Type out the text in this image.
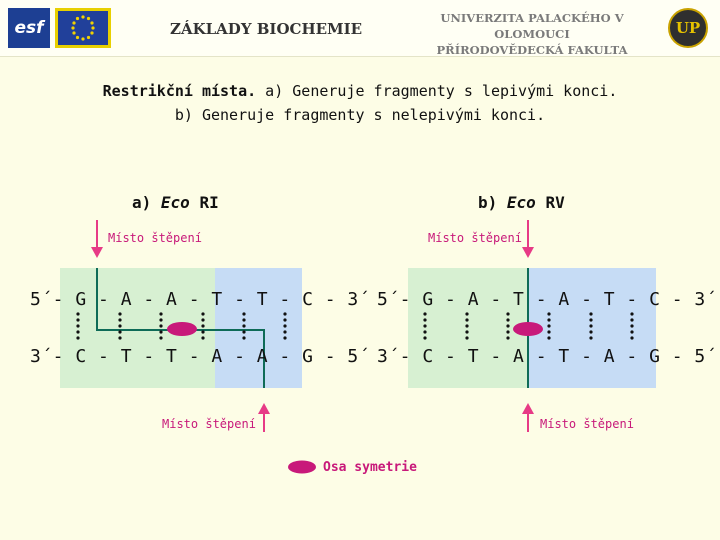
esf	ZÁKLADY BIOCHEMIE
UNIVERZITA PALACKÉHO V OLOMOUCI
PŘÍRODOVĚDECKÁ FAKULTA
UP
Restrikční místa. a) Generuje fragmenty s lepivými konci.
b) Generuje fragmenty s nelepivými konci.
a) Eco RI	b) Eco RV
Místo štěpení	Místo štěpení
Místo štěpení	Místo štěpení
5´- G - A - A - T - T - C - 3´
3´- C - T - T - A - A - G - 5´
5´- G - A - T - A - T - C - 3´
3´- C - T - A - T - A - G - 5´
Osa symetrie
